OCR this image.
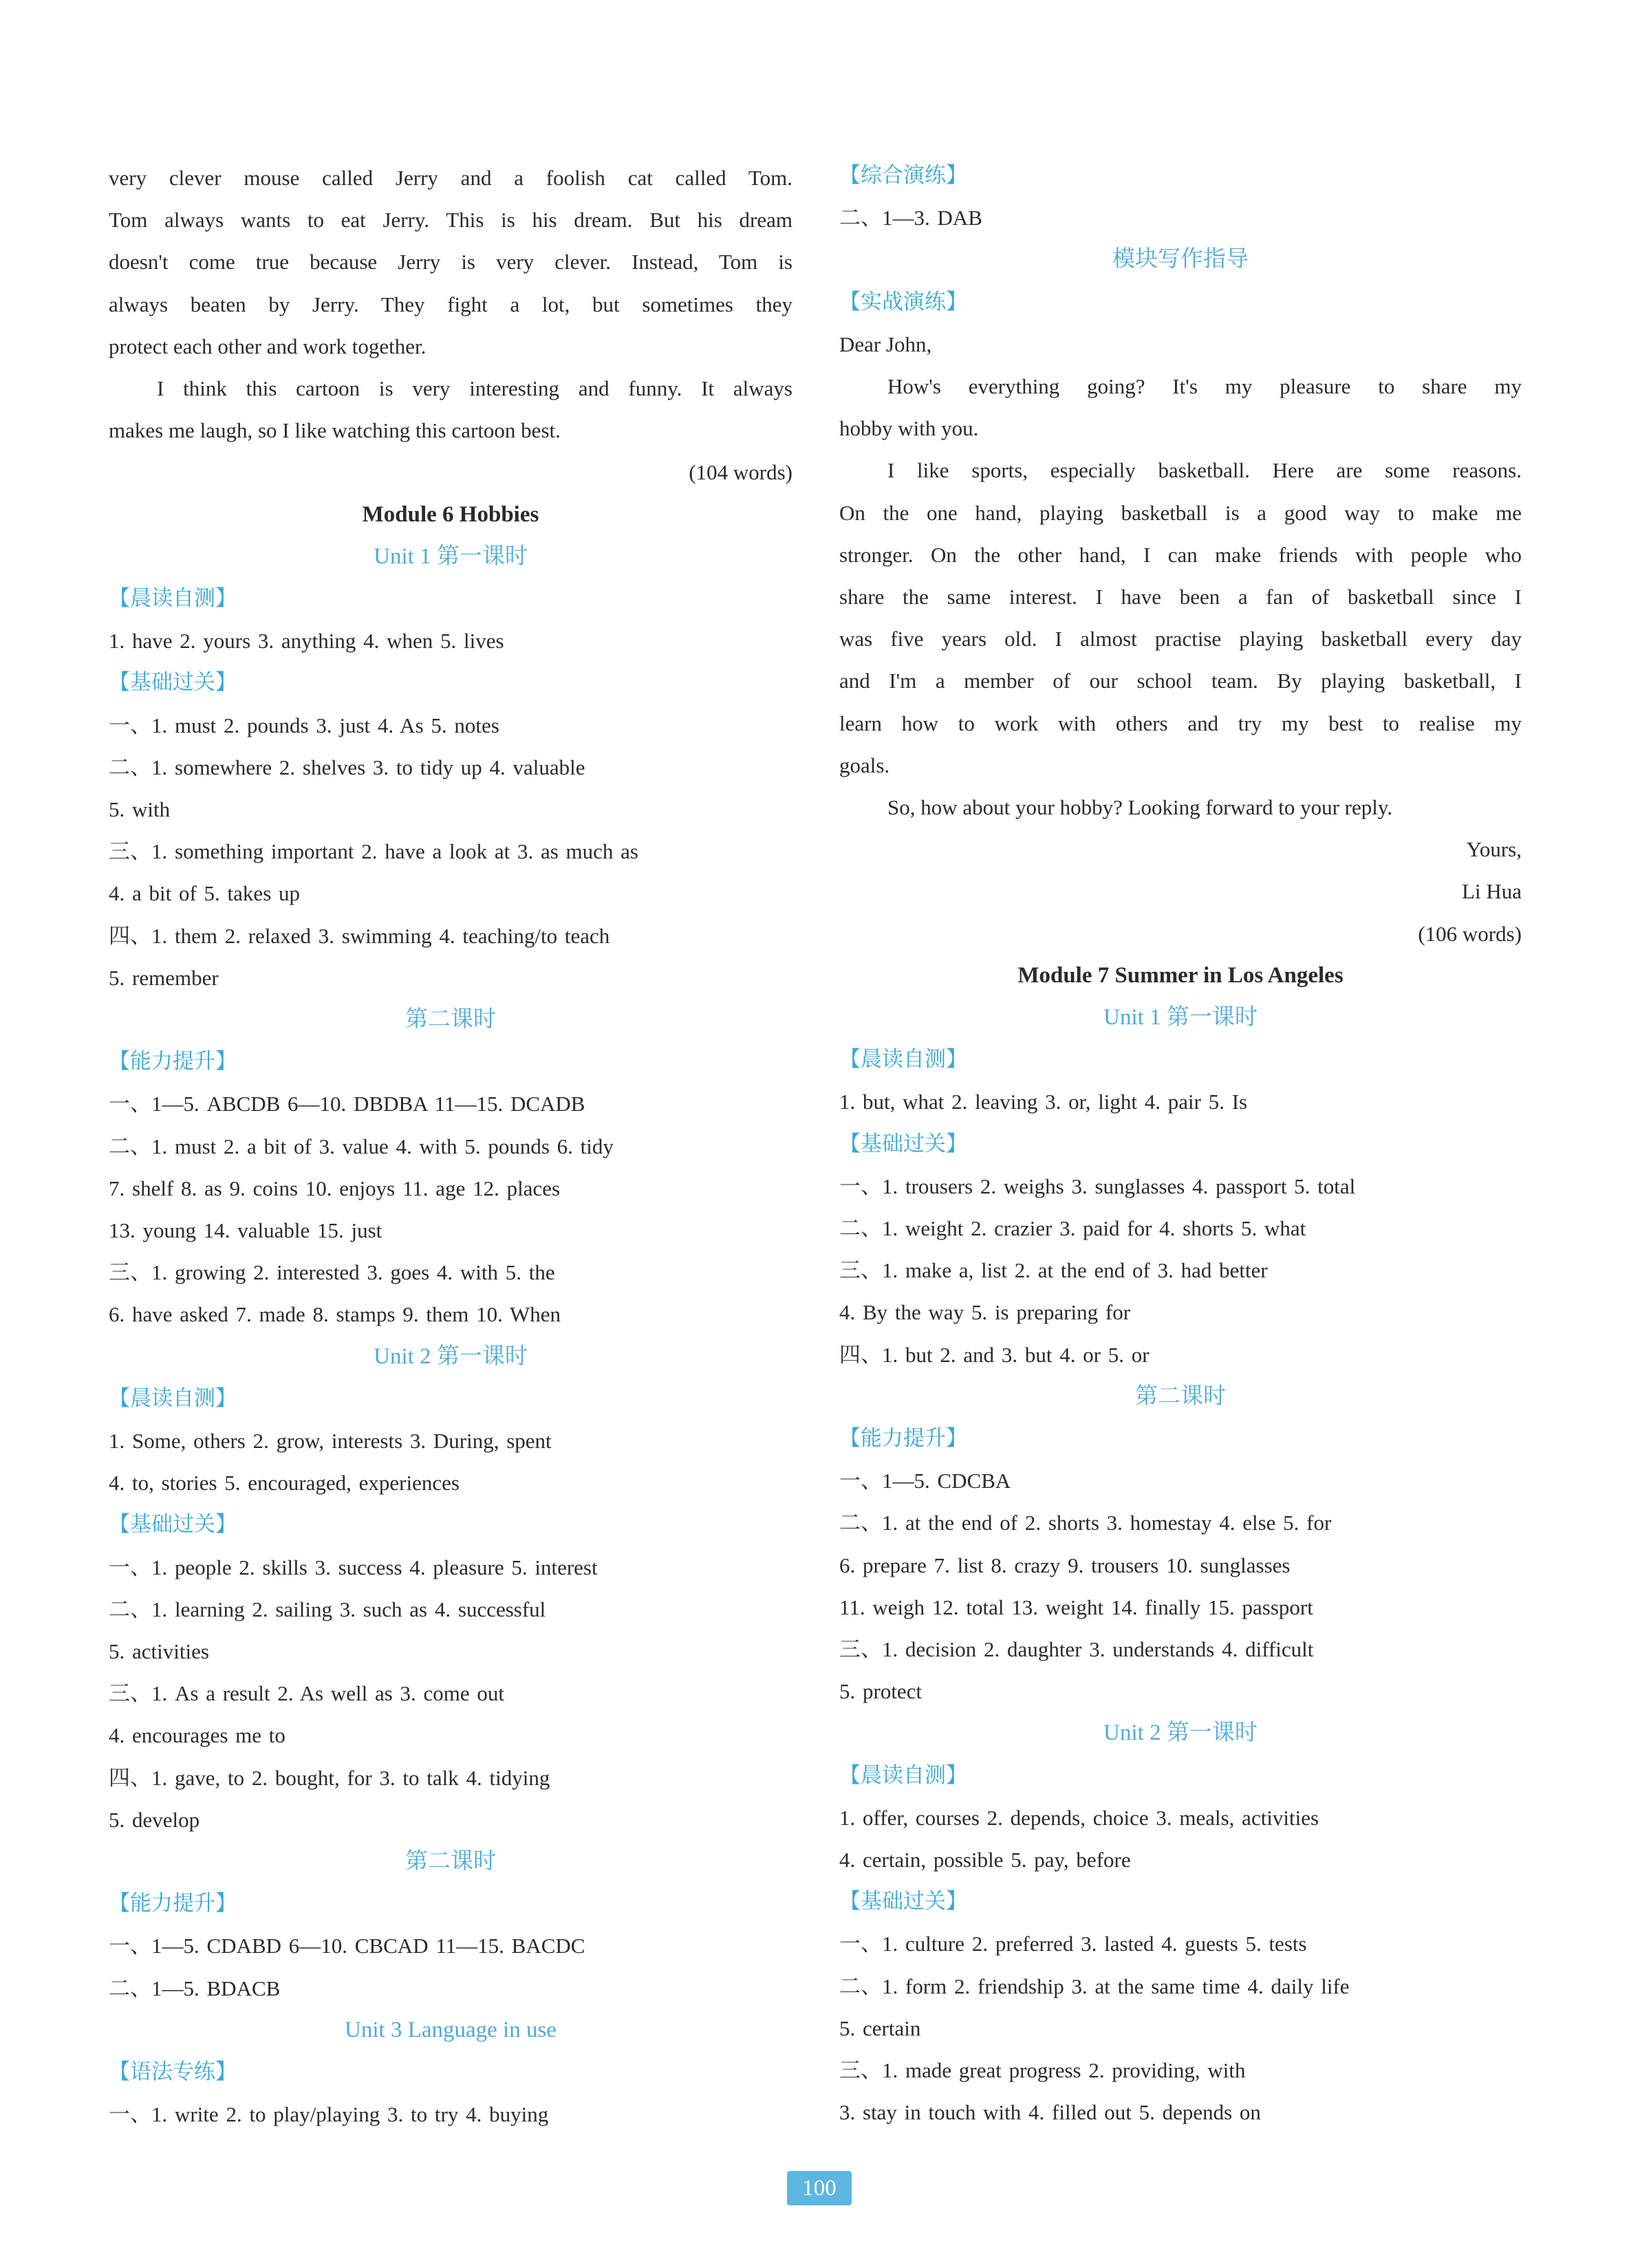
very clever mouse called Jerry and a foolish cat called Tom.
Tom always wants to eat Jerry. This is his dream. But his dream
doesn't come true because Jerry is very clever. Instead, Tom is
always beaten by Jerry. They fight a lot, but sometimes they
protect each other and work together.
I think this cartoon is very interesting and funny. It always
makes me laugh, so I like watching this cartoon best.
(104 words)
Module 6 Hobbies
Unit 1 第一课时
【晨读自测】
1. have 2. yours 3. anything 4. when 5. lives
【基础过关】
一、1. must 2. pounds 3. just 4. As 5. notes
二、1. somewhere 2. shelves 3. to tidy up 4. valuable
5. with
三、1. something important 2. have a look at 3. as much as
4. a bit of 5. takes up
四、1. them 2. relaxed 3. swimming 4. teaching/to teach
5. remember
第二课时
【能力提升】
一、1—5. ABCDB 6—10. DBDBA 11—15. DCADB
二、1. must 2. a bit of 3. value 4. with 5. pounds 6. tidy
7. shelf 8. as 9. coins 10. enjoys 11. age 12. places
13. young 14. valuable 15. just
三、1. growing 2. interested 3. goes 4. with 5. the
6. have asked 7. made 8. stamps 9. them 10. When
Unit 2 第一课时
【晨读自测】
1. Some, others 2. grow, interests 3. During, spent
4. to, stories 5. encouraged, experiences
【基础过关】
一、1. people 2. skills 3. success 4. pleasure 5. interest
二、1. learning 2. sailing 3. such as 4. successful
5. activities
三、1. As a result 2. As well as 3. come out
4. encourages me to
四、1. gave, to 2. bought, for 3. to talk 4. tidying
5. develop
第二课时
【能力提升】
一、1—5. CDABD 6—10. CBCAD 11—15. BACDC
二、1—5. BDACB
Unit 3 Language in use
【语法专练】
一、1. write 2. to play/playing 3. to try 4. buying
【综合演练】
二、1—3. DAB
模块写作指导
【实战演练】
Dear John,
How's everything going? It's my pleasure to share my
hobby with you.
I like sports, especially basketball. Here are some reasons.
On the one hand, playing basketball is a good way to make me
stronger. On the other hand, I can make friends with people who
share the same interest. I have been a fan of basketball since I
was five years old. I almost practise playing basketball every day
and I'm a member of our school team. By playing basketball, I
learn how to work with others and try my best to realise my
goals.
So, how about your hobby? Looking forward to your reply.
Yours,
Li Hua
(106 words)
Module 7 Summer in Los Angeles
Unit 1 第一课时
【晨读自测】
1. but, what 2. leaving 3. or, light 4. pair 5. Is
【基础过关】
一、1. trousers 2. weighs 3. sunglasses 4. passport 5. total
二、1. weight 2. crazier 3. paid for 4. shorts 5. what
三、1. make a, list 2. at the end of 3. had better
4. By the way 5. is preparing for
四、1. but 2. and 3. but 4. or 5. or
第二课时
【能力提升】
一、1—5. CDCBA
二、1. at the end of 2. shorts 3. homestay 4. else 5. for
6. prepare 7. list 8. crazy 9. trousers 10. sunglasses
11. weigh 12. total 13. weight 14. finally 15. passport
三、1. decision 2. daughter 3. understands 4. difficult
5. protect
Unit 2 第一课时
【晨读自测】
1. offer, courses 2. depends, choice 3. meals, activities
4. certain, possible 5. pay, before
【基础过关】
一、1. culture 2. preferred 3. lasted 4. guests 5. tests
二、1. form 2. friendship 3. at the same time 4. daily life
5. certain
三、1. made great progress 2. providing, with
3. stay in touch with 4. filled out 5. depends on
100
